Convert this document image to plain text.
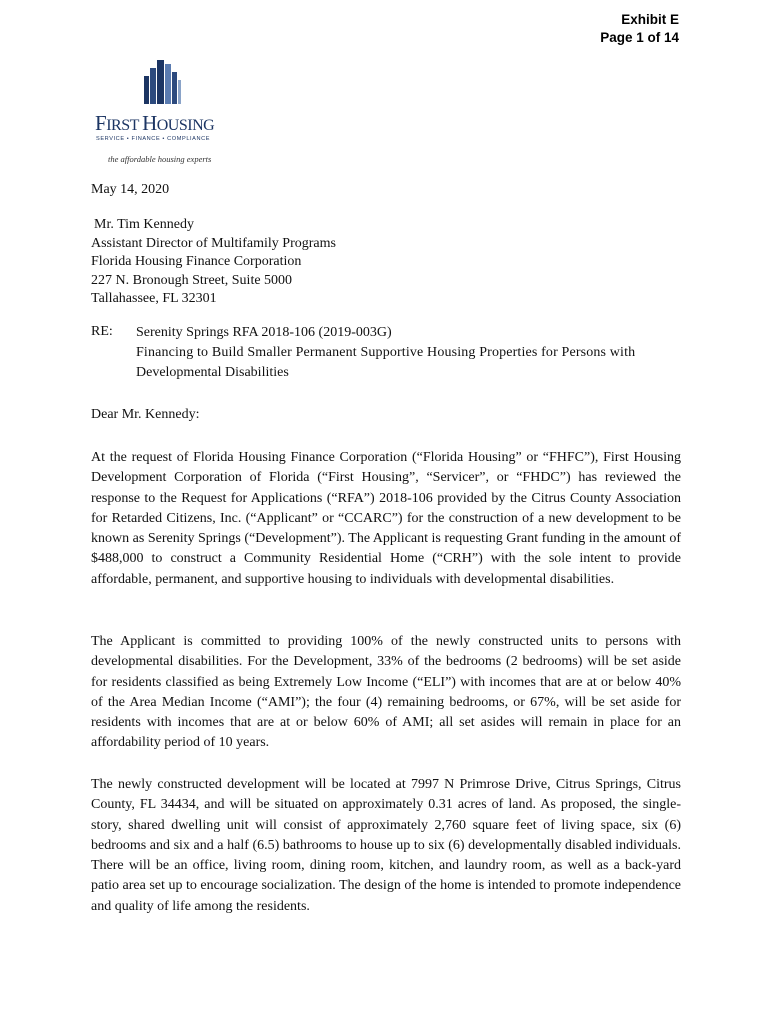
Exhibit E
Page 1 of 14
FIRST HOUSING
SERVICE • FINANCE • COMPLIANCE
the affordable housing experts
May 14, 2020
Mr. Tim Kennedy
Assistant Director of Multifamily Programs
Florida Housing Finance Corporation
227 N. Bronough Street, Suite 5000
Tallahassee, FL 32301
RE: Serenity Springs RFA 2018-106 (2019-003G)
Financing to Build Smaller Permanent Supportive Housing Properties for Persons with
Developmental Disabilities
Dear Mr. Kennedy:
At the request of Florida Housing Finance Corporation (“Florida Housing” or “FHFC”), First Housing Development Corporation of Florida (“First Housing”, “Servicer”, or “FHDC”) has reviewed the response to the Request for Applications (“RFA”) 2018-106 provided by the Citrus County Association for Retarded Citizens, Inc. (“Applicant” or “CCARC”) for the construction of a new development to be known as Serenity Springs (“Development”). The Applicant is requesting Grant funding in the amount of $488,000 to construct a Community Residential Home (“CRH”) with the sole intent to provide affordable, permanent, and supportive housing to individuals with developmental disabilities.
The Applicant is committed to providing 100% of the newly constructed units to persons with developmental disabilities. For the Development, 33% of the bedrooms (2 bedrooms) will be set aside for residents classified as being Extremely Low Income (“ELI”) with incomes that are at or below 40% of the Area Median Income (“AMI”); the four (4) remaining bedrooms, or 67%, will be set aside for residents with incomes that are at or below 60% of AMI; all set asides will remain in place for an affordability period of 10 years.
The newly constructed development will be located at 7997 N Primrose Drive, Citrus Springs, Citrus County, FL 34434, and will be situated on approximately 0.31 acres of land. As proposed, the single-story, shared dwelling unit will consist of approximately 2,760 square feet of living space, six (6) bedrooms and six and a half (6.5) bathrooms to house up to six (6) developmentally disabled individuals. There will be an office, living room, dining room, kitchen, and laundry room, as well as a back-yard patio area set up to encourage socialization. The design of the home is intended to promote independence and quality of life among the residents.
